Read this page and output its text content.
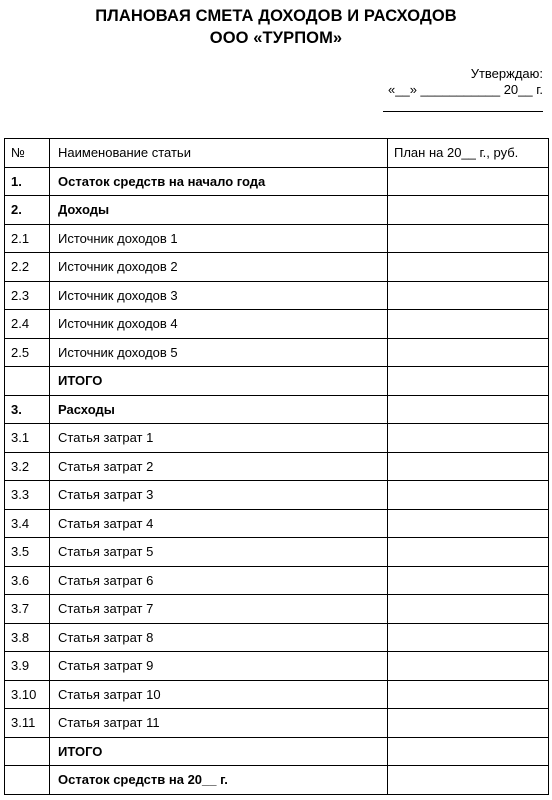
ПЛАНОВАЯ СМЕТА ДОХОДОВ И РАСХОДОВ
ООО «ТУРПОМ»
Утверждаю:
«__» ___________ 20__ г.
№	Наименование статьи	План на 20__ г., руб.
1.	Остаток средств на начало года	
2.	Доходы	
2.1	Источник доходов 1	
2.2	Источник доходов 2	
2.3	Источник доходов 3	
2.4	Источник доходов 4	
2.5	Источник доходов 5	
	ИТОГО	
3.	Расходы	
3.1	Статья затрат 1	
3.2	Статья затрат 2	
3.3	Статья затрат 3	
3.4	Статья затрат 4	
3.5	Статья затрат 5	
3.6	Статья затрат 6	
3.7	Статья затрат 7	
3.8	Статья затрат 8	
3.9	Статья затрат 9	
3.10	Статья затрат 10	
3.11	Статья затрат 11	
	ИТОГО	
	Остаток средств на 20__ г.	
